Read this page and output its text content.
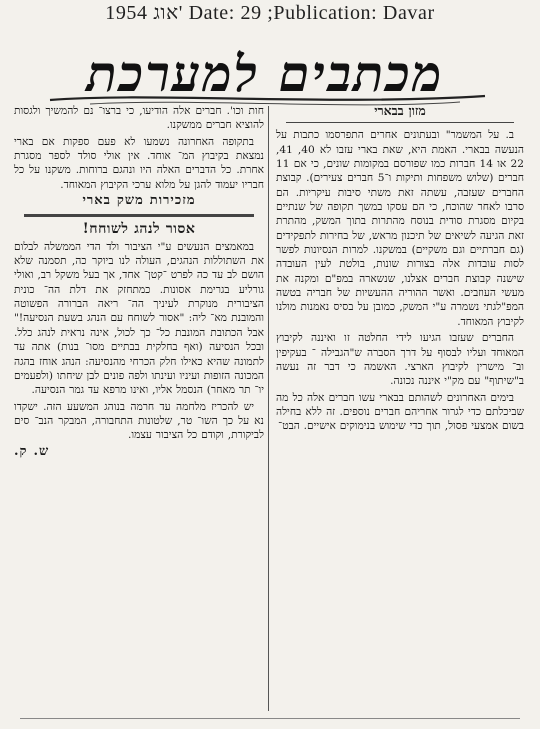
1954 אוג' Date: 29 ;Publication: Davar
מכתבים למערכת
מזון בבארי

ב. על המשמר" ובעתונים אחרים התפרסמו כתבות על הנעשה בבארי. האמת היא, שאת בארי עזבו לא 40, 41, 22 או 14 חברות כמו שפורסם במקומות שונים, כי אם 11 חברים (שלוש משפחות ותיקות ו־5 חברים צעירים). קבוצת החברים שעזבה, עשתה זאת משתי סיבות עיקריות. הם סרבו לאחר שהוכח, כי הם עסקו במשך תקופה של שנתיים בקיום מסגרת סודית בנוסח מהתרות בתוך המשק, מהתרת זאת הגיעה לשיאים של תיכנון מראש, של בחירות לתפקידים (גם חברתיים וגם משקיים) במשקנו. למרות הנסיונות לפשר לסות עובדות אלה בצורות שונות, בולטת לעין העובדה שישנה קבוצת חברים אצלנו, שנשארה במפ"ם ומקנה את מעשי העוזבים. ואשר ההוריה ההעשיות של חבריה בטשה המפ"לגתי נשמרה ע"י המשק, כמובן על בסיס נאמנות מולנו לקיבוץ המאוחד.

החברים שעזבו הגיעו לידי החלטה זו ואיננה לקיבוץ המאוחד ועליו לבסוף על דרך הסברה ש"הגבילה ־ בעקיפין וב־ מישרין לקיבוץ הארצי. האשמה כי דבר זה נעשה ב"שיתוף" עם מק"י איננה נכונה.

בימים האחרונים לשהותם בבארי עשו חברים אלה כל מה שביכלתם כדי לגרור אחריהם חברים נוספים. זה ללא בחילה בשום אמצעי פסול, תוך כדי שימוש בנימוקים אישיים. הבט־

חות וכו'. חברים אלה הודיעו, כי ברצו־ נם להמשיך ולגסות להוציא חברים ממשקנו.

בתקופה האחרונה נשמעו לא פעם ספקות אם בארי נמצאת בקיבוץ המ־ אוחד. אין אולי סולד לספר מסגרת אחרת. כל הדברים האלה היו ונהגם ברוחות. משקנו על כל חבריו יעמוד להגן על מלוא ערכי הקיבוץ המאוחד.

מזכירות משק בארי
אסור לנהג לשוחח!

במאמצים הנעשים ע"י הציבור ולד הדי הממשלה לבלום את השתוללות הנהגים, העולה לנו ביוקר כה, תסמנה שלא הושם לב עד כה לפרט ־קטן־ אחד, אך בעל משקל רב, ואולי גורליע בגרימת אסונות. כמתחזק את דלת הה־ כונית הציבורית מנוקרת לעיניך הה־ ריאה הברורה הפשוטה והמובנת מא־ ליה: "אסור לשוחח עם הנהג בשעת הנסיעה!" אבל הכתובת המונבת כל־ כך לכול, אינה נראית לנהג כלל. ובכל הנסיעה (ואף בחלקית בבתיים מסו־ בנות) אתה עד לתמונה שהיא כאילו חלק הכרחי מהנסיעה: הנהג אוחז בהגה המכונה הזופות ועיניו ועינתו ולפה פונים לבן שיחתו (ולפעמים יו־ תר מאחר) הנסמל אליו, ואינו מרפא עד גמר הנסיעה.

יש להכריז מלחמה עד חרמה בנוהג המשעע הזה. ישקדו נא על כך השו־ טר, שלטונות התחבורה, המבקר הנב־ סים לביקורת, וקודם כל הציבור עצמו.

ש. ק.
